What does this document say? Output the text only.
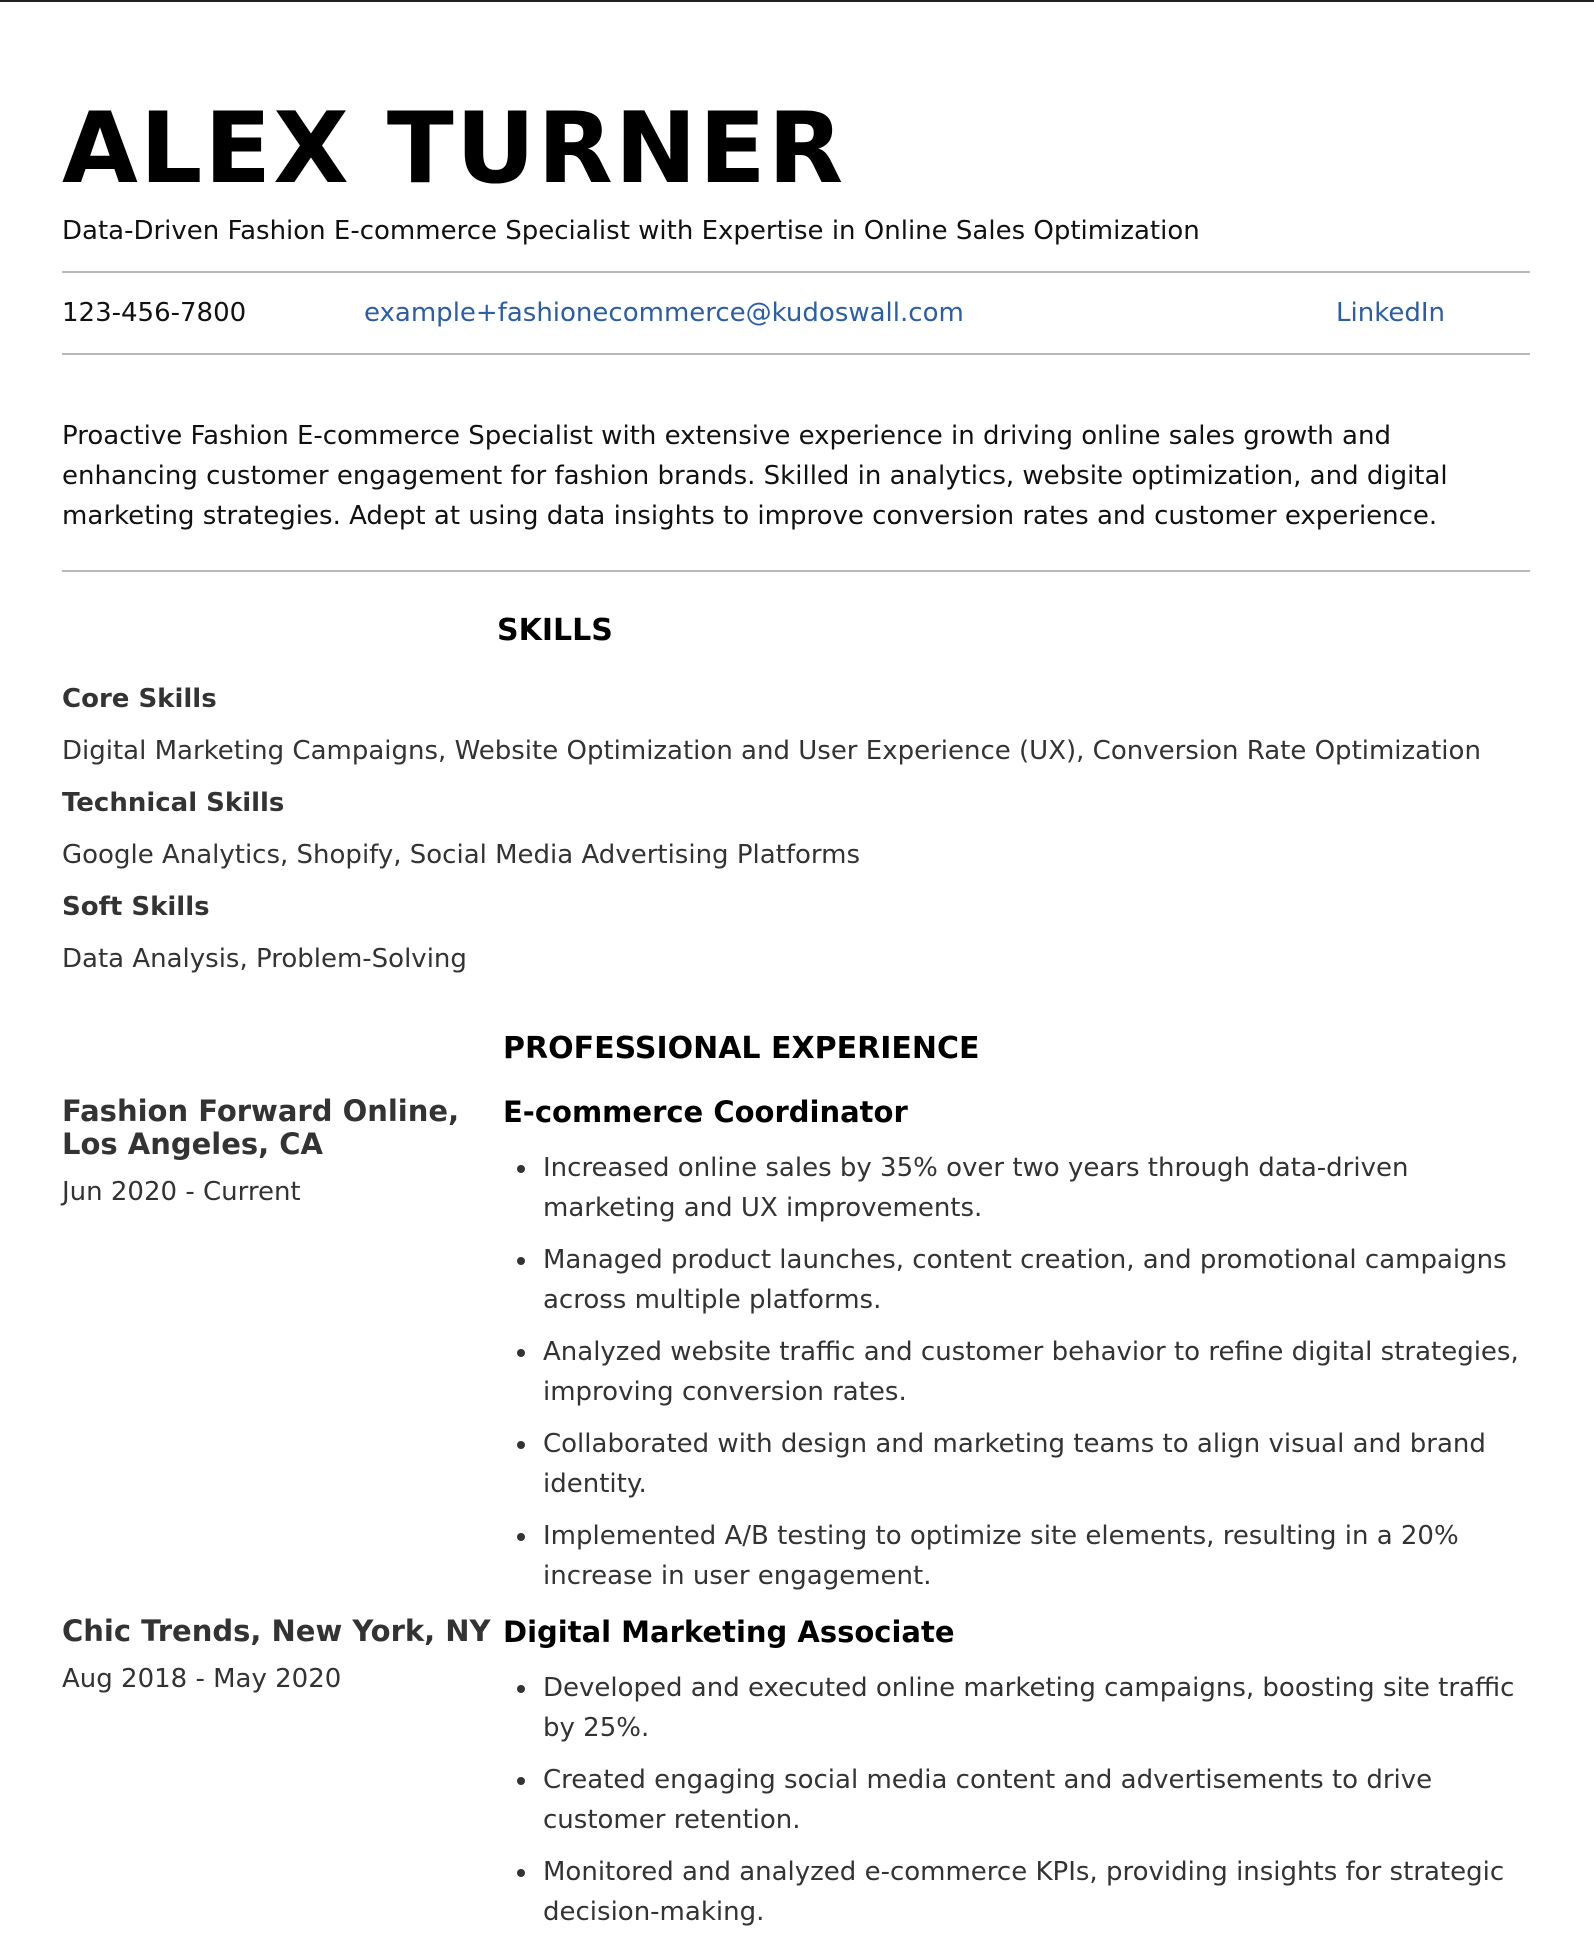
ALEX TURNER
Data-Driven Fashion E-commerce Specialist with Expertise in Online Sales Optimization
123-456-7800	example+fashionecommerce@kudoswall.com	LinkedIn

Proactive Fashion E-commerce Specialist with extensive experience in driving online sales growth and enhancing customer engagement for fashion brands. Skilled in analytics, website optimization, and digital marketing strategies. Adept at using data insights to improve conversion rates and customer experience.

SKILLS
Core Skills
Digital Marketing Campaigns, Website Optimization and User Experience (UX), Conversion Rate Optimization
Technical Skills
Google Analytics, Shopify, Social Media Advertising Platforms
Soft Skills
Data Analysis, Problem-Solving
PROFESSIONAL EXPERIENCE
Fashion Forward Online, Los Angeles, CA
Jun 2020 - Current
E-commerce Coordinator
Increased online sales by 35% over two years through data-driven marketing and UX improvements.
Managed product launches, content creation, and promotional campaigns across multiple platforms.
Analyzed website traffic and customer behavior to refine digital strategies, improving conversion rates.
Collaborated with design and marketing teams to align visual and brand identity.
Implemented A/B testing to optimize site elements, resulting in a 20% increase in user engagement.
Chic Trends, New York, NY
Aug 2018 - May 2020
Digital Marketing Associate
Developed and executed online marketing campaigns, boosting site traffic by 25%.
Created engaging social media content and advertisements to drive customer retention.
Monitored and analyzed e-commerce KPIs, providing insights for strategic decision-making.
